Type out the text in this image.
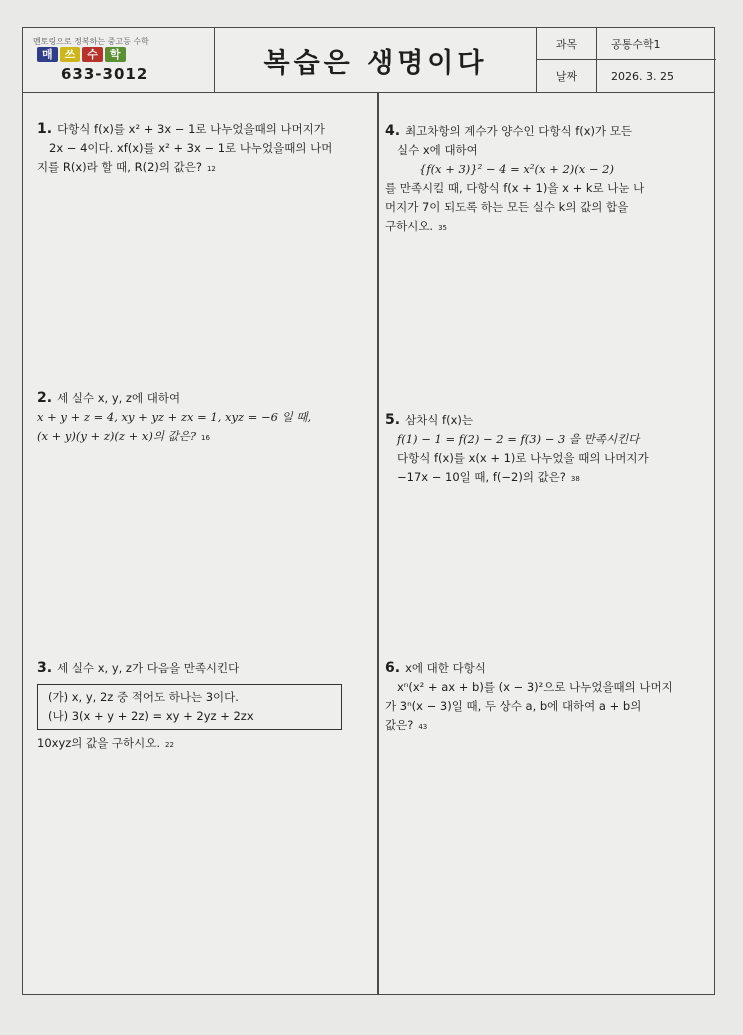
멘토링으로 정복하는 중고등 수학
매	쓰	수	학
633-3012	복습은 생명이다
과목	공통수학1
날짜	2026. 3. 25
1. 다항식 f(x)를 x² + 3x − 1로 나누었을때의 나머지가
2x − 4이다. xf(x)를 x² + 3x − 1로 나누었을때의 나머
지를 R(x)라 할 때, R(2)의 값은? 12
2. 세 실수 x, y, z에 대하여
x + y + z = 4, xy + yz + zx = 1, xyz = −6 일 때,
(x + y)(y + z)(z + x)의 값은? 16
3. 세 실수 x, y, z가 다음을 만족시킨다
(가) x, y, 2z 중 적어도 하나는 3이다.
(나) 3(x + y + 2z) = xy + 2yz + 2zx
10xyz의 값을 구하시오. 22
4. 최고차항의 계수가 양수인 다항식 f(x)가 모든
실수 x에 대하여
{f(x + 3)}² − 4 = x²(x + 2)(x − 2)
를 만족시킬 때, 다항식 f(x + 1)을 x + k로 나눈 나
머지가 7이 되도록 하는 모든 실수 k의 값의 합을
구하시오. 35
5. 삼차식 f(x)는
f(1) − 1 = f(2) − 2 = f(3) − 3 을 만족시킨다
다항식 f(x)를 x(x + 1)로 나누었을 때의 나머지가
−17x − 10일 때, f(−2)의 값은? 38
6. x에 대한 다항식
xⁿ(x² + ax + b)를 (x − 3)²으로 나누었을때의 나머지
가 3ⁿ(x − 3)일 때, 두 상수 a, b에 대하여 a + b의
값은? 43
